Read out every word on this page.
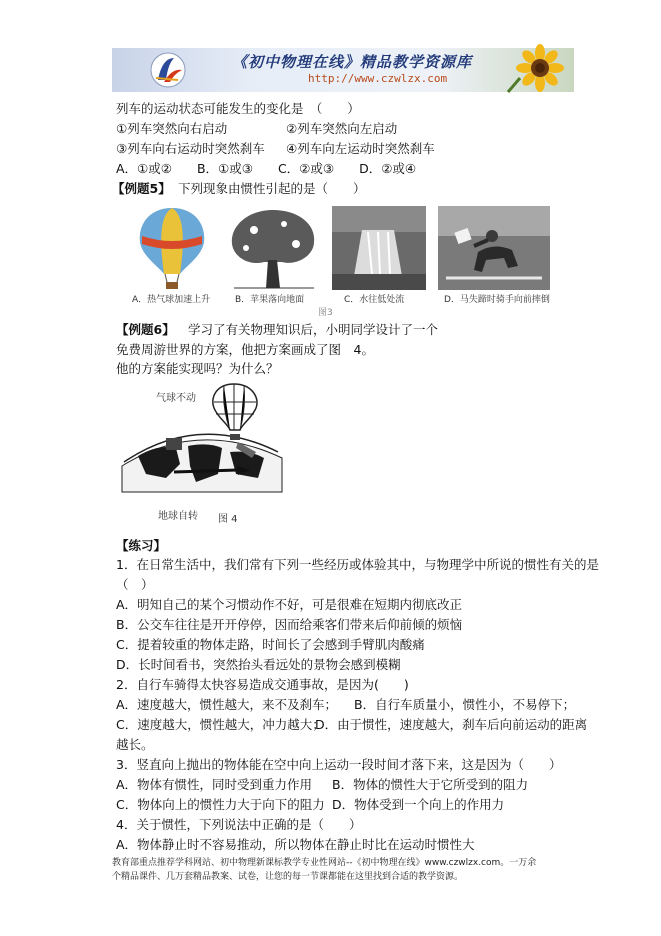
《初中物理在线》精品教学资源库
http://www.czwlzx.com
列车的运动状态可能发生的变化是　（　　）
①列车突然向右启动	②列车突然向左启动
③列车向右运动时突然刹车 ④列车向左运动时突然刹车
A．①或②　　B．①或③　　C．②或③　　D．②或④
【例题5】 下列现象由惯性引起的是（　　）
A．热气球加速上升	B．苹果落向地面	C．水往低处流	D．马失蹄时骑手向前摔倒
图3
【例题6】 学习了有关物理知识后，小明同学设计了一个
免费周游世界的方案，他把方案画成了图　4。
他的方案能实现吗？为什么？
气球不动
地球自转 图 4
【练习】
1．在日常生活中，我们常有下列一些经历或体验其中，与物理学中所说的惯性有关的是
（　）
A．明知自己的某个习惯动作不好，可是很难在短期内彻底改正
B．公交车往往是开开停停，因而给乘客们带来后仰前倾的烦恼
C．提着较重的物体走路，时间长了会感到手臂肌肉酸痛
D．长时间看书，突然抬头看远处的景物会感到模糊
2．自行车骑得太快容易造成交通事故，是因为(　　)
A．速度越大，惯性越大，来不及刹车； B．自行车质量小，惯性小，不易停下；
C．速度越大，惯性越大，冲力越大；
D．由于惯性，速度越大，刹车后向前运动的距离
越长。
3．竖直向上抛出的物体能在空中向上运动一段时间才落下来，这是因为（　　）
A．物体有惯性，同时受到重力作用 B．物体的惯性大于它所受到的阻力
C．物体向上的惯性力大于向下的阻力 D．物体受到一个向上的作用力
4．关于惯性，下列说法中正确的是（　　）
A．物体静止时不容易推动，所以物体在静止时比在运动时惯性大
教育部重点推荐学科网站、初中物理新课标教学专业性网站--《初中物理在线》www.czwlzx.com。一万余
个精品课件、几万套精品教案、试卷，让您的每一节课都能在这里找到合适的教学资源。
